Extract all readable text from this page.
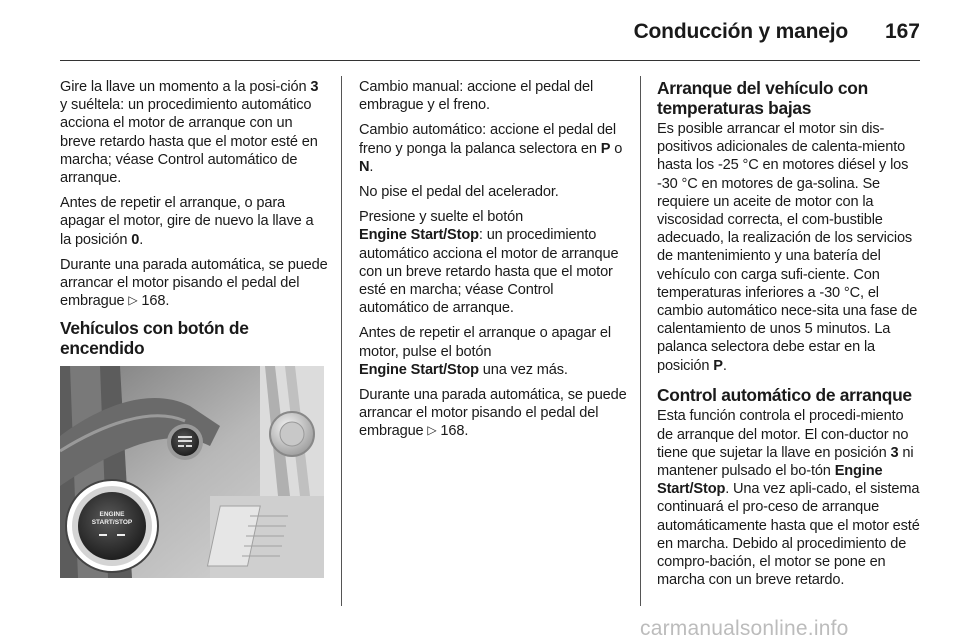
Conducción y manejo 167

Gire la llave un momento a la posi-ción 3 y suéltela: un procedimiento automático acciona el motor de arranque con un breve retardo hasta que el motor esté en marcha; véase Control automático de arranque.

Antes de repetir el arranque, o para apagar el motor, gire de nuevo la llave a la posición 0.

Durante una parada automática, se puede arrancar el motor pisando el pedal del embrague ▷ 168.

Vehículos con botón de encendido
ENGINE
START/STOP

Cambio manual: accione el pedal del embrague y el freno.

Cambio automático: accione el pedal del freno y ponga la palanca selectora en P o N.

No pise el pedal del acelerador.

Presione y suelte el botón
Engine Start/Stop: un procedimiento automático acciona el motor de arranque con un breve retardo hasta que el motor esté en marcha; véase Control automático de arranque.

Antes de repetir el arranque o apagar el motor, pulse el botón
Engine Start/Stop una vez más.

Durante una parada automática, se puede arrancar el motor pisando el pedal del embrague ▷ 168.

Arranque del vehículo con temperaturas bajas

Es posible arrancar el motor sin dis-positivos adicionales de calenta-miento hasta los -25 °C en motores diésel y los -30 °C en motores de ga-solina. Se requiere un aceite de motor con la viscosidad correcta, el com-bustible adecuado, la realización de los servicios de mantenimiento y una batería del vehículo con carga sufi-ciente. Con temperaturas inferiores a -30 °C, el cambio automático nece-sita una fase de calentamiento de unos 5 minutos. La palanca selectora debe estar en la posición P.

Control automático de arranque

Esta función controla el procedi-miento de arranque del motor. El con-ductor no tiene que sujetar la llave en posición 3 ni mantener pulsado el bo-tón Engine Start/Stop. Una vez apli-cado, el sistema continuará el pro-ceso de arranque automáticamente hasta que el motor esté en marcha. Debido al procedimiento de compro-bación, el motor se pone en marcha con un breve retardo.

carmanualsonline.info
